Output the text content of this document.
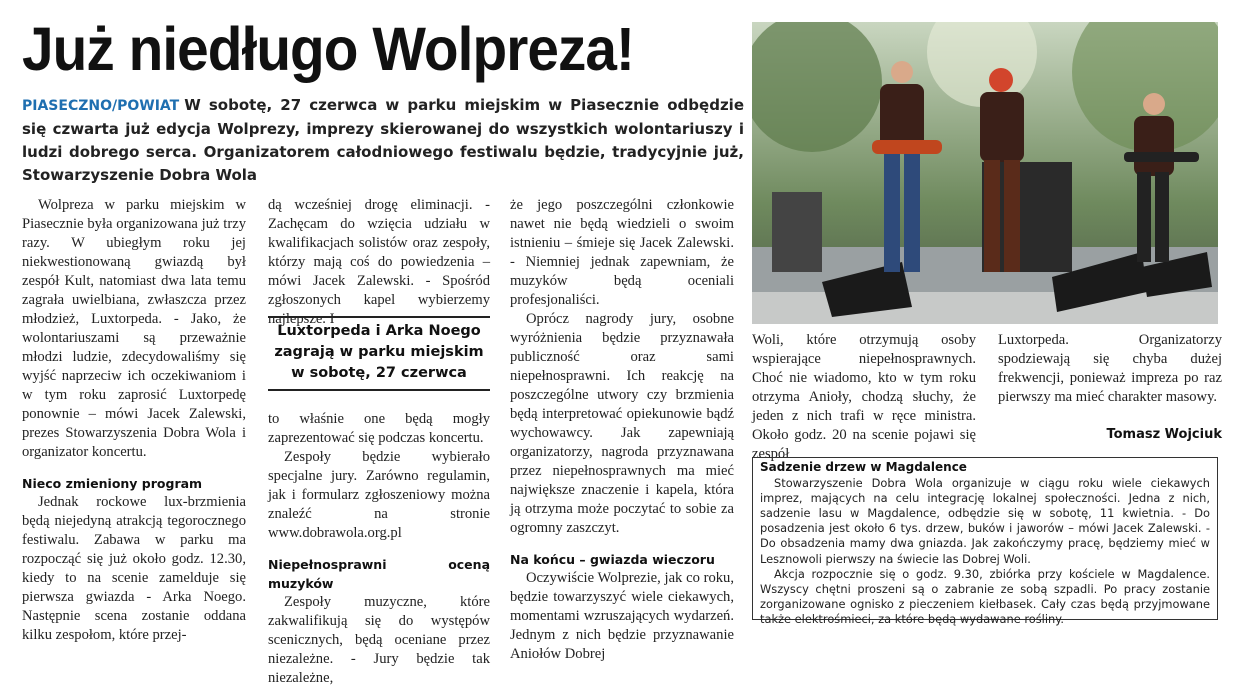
Już niedługo Wolpreza!
PIASECZNO/POWIAT W sobotę, 27 czerwca w parku miejskim w Piasecznie odbędzie się czwarta już edycja Wolprezy, imprezy skierowanej do wszystkich wolontariuszy i ludzi dobrego serca. Organizatorem całodniowego festiwalu będzie, tradycyjnie już, Stowarzyszenie Dobra Wola

Wolpreza w parku miejskim w Piasecznie była organizowana już trzy razy. W ubiegłym roku jej niekwestionowaną gwiazdą był zespół Kult, natomiast dwa lata temu zagrała uwielbiana, zwłaszcza przez młodzież, Luxtorpeda. - Jako, że wolontariuszami są przeważnie młodzi ludzie, zdecydowaliśmy się wyjść naprzeciw ich oczekiwaniom i w tym roku zaprosić Luxtorpedę ponownie – mówi Jacek Zalewski, prezes Stowarzyszenia Dobra Wola i organizator koncertu.

Nieco zmieniony program

Jednak rockowe lux-brzmienia będą niejedyną atrakcją tegorocznego festiwalu. Zabawa w parku ma rozpocząć się już około godz. 12.30, kiedy to na scenie zamelduje się pierwsza gwiazda - Arka Noego. Następnie scena zostanie oddana kilku zespołom, które przej-

dą wcześniej drogę eliminacji. - Zachęcam do wzięcia udziału w kwalifikacjach solistów oraz zespoły, którzy mają coś do powiedzenia – mówi Jacek Zalewski. - Spośród zgłoszonych kapel wybierzemy najlepsze. I

Luxtorpeda i Arka Noego zagrają w parku miejskim w sobotę, 27 czerwca

to właśnie one będą mogły zaprezentować się podczas koncertu.

Zespoły będzie wybierało specjalne jury. Zarówno regulamin, jak i formularz zgłoszeniowy można znaleźć na stronie www.dobrawola.org.pl

Niepełnosprawni oceną muzyków

Zespoły muzyczne, które zakwalifikują się do występów scenicznych, będą oceniane przez niezależne. - Jury będzie tak niezależne,

że jego poszczególni członkowie nawet nie będą wiedzieli o swoim istnieniu – śmieje się Jacek Zalewski. - Niemniej jednak zapewniam, że muzyków będą oceniali profesjonaliści.

Oprócz nagrody jury, osobne wyróżnienia będzie przyznawała publiczność oraz sami niepełnosprawni. Ich reakcję na poszczególne utwory czy brzmienia będą interpretować opiekunowie bądź wychowawcy. Jak zapewniają organizatorzy, nagroda przyznawana przez niepełnosprawnych ma mieć największe znaczenie i kapela, która ją otrzyma może poczytać to sobie za ogromny zaszczyt.

Na końcu – gwiazda wieczoru

Oczywiście Wolprezie, jak co roku, będzie towarzyszyć wiele ciekawych, momentami wzruszających wydarzeń. Jednym z nich będzie przyznawanie Aniołów Dobrej

Woli, które otrzymują osoby wspierające niepełnosprawnych. Choć nie wiadomo, kto w tym roku otrzyma Anioły, chodzą słuchy, że jeden z nich trafi w ręce ministra. Około godz. 20 na scenie pojawi się zespół

Luxtorpeda. Organizatorzy spodziewają się chyba dużej frekwencji, ponieważ impreza po raz pierwszy ma mieć charakter masowy.

Tomasz Wojciuk
Sadzenie drzew w Magdalence

Stowarzyszenie Dobra Wola organizuje w ciągu roku wiele ciekawych imprez, mających na celu integrację lokalnej społeczności. Jedna z nich, sadzenie lasu w Magdalence, odbędzie się w sobotę, 11 kwietnia. - Do posadzenia jest około 6 tys. drzew, buków i jaworów – mówi Jacek Zalewski. - Do obsadzenia mamy dwa gniazda. Jak zakończymy pracę, będziemy mieć w Lesznowoli pierwszy na świecie las Dobrej Woli.

Akcja rozpocznie się o godz. 9.30, zbiórka przy kościele w Magdalence. Wszyscy chętni proszeni są o zabranie ze sobą szpadli. Po pracy zostanie zorganizowane ognisko z pieczeniem kiełbasek. Cały czas będą przyjmowane także elektrośmieci, za które będą wydawane rośliny.
